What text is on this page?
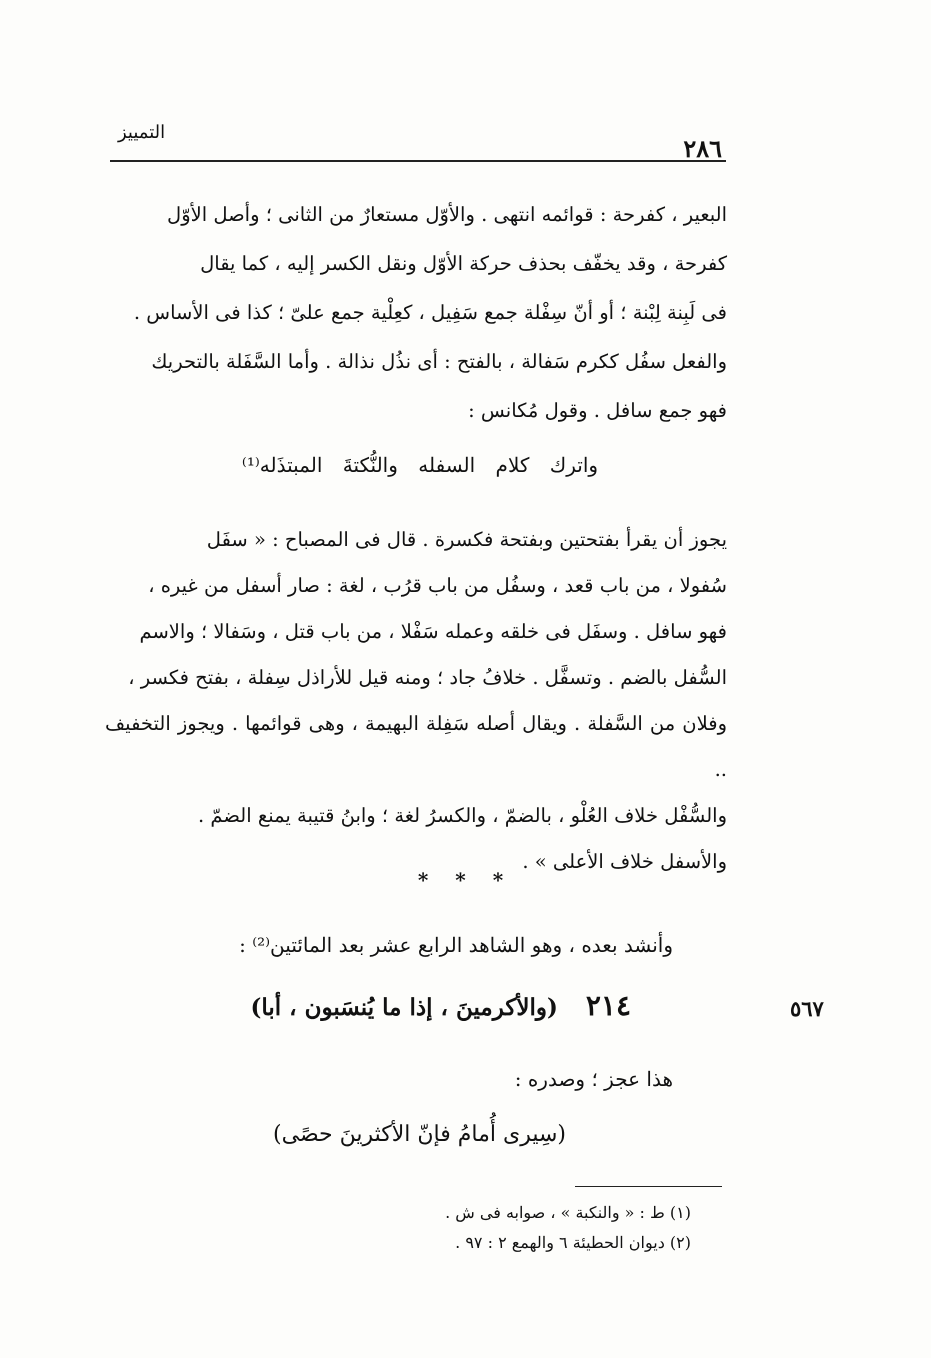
٢٨٦
التمييز

البعير ، كفرحة : قوائمه انتهى . والأوّل مستعارٌ من الثانى ؛ وأصل الأوّل

كفرحة ، وقد يخفّف بحذف حركة الأوّل ونقل الكسر إليه ، كما يقال

فى لَبِنة لِبْنة ؛ أو أنّ سِفْلة جمع سَفِيل ، كعِلْية جمع علىّ ؛ كذا فى الأساس .

والفعل سفُل ككرم سَفالة ، بالفتح : أى نذُل نذالة . وأما السَّفَلة بالتحريك

فهو جمع سافل . وقول مُكانس :

واترك كلام السفله والنُّكتةَ المبتذَله⁽¹⁾

يجوز أن يقرأ بفتحتين وبفتحة فكسرة . قال فى المصباح : « سفَل

سُفولا ، من باب قعد ، وسفُل من باب قرُب ، لغة : صار أسفل من غيره ،

فهو سافل . وسفَل فى خلقه وعمله سَفْلا ، من باب قتل ، وسَفالا ؛ والاسم

السُّفل بالضم . وتسفَّل . خلافُ جاد ؛ ومنه قيل للأراذل سِفلة ، بفتح فكسر ،

وفلان من السَّفلة . ويقال أصله سَفِلة البهيمة ، وهى قوائمها . ويجوز التخفيف ..

والسُّفْل خلاف العُلْو ، بالضمّ ، والكسرُ لغة ؛ وابنُ قتيبة يمنع الضمّ .

والأسفل خلاف الأعلى » .

* * *
وأنشد بعده ، وهو الشاهد الرابع عشر بعد المائتين⁽²⁾ :
٢١٤ (والأكرمينَ ، إذا ما يُنسَبون ، أبا)	٥٦٧
هذا عجز ؛ وصدره :
(سِيرى أُمامُ فإنّ الأكثرينَ حصًى)
(١) ط : « والنكبة » ، صوابه فى ش .
(٢) ديوان الحطيئة ٦ والهمع ٢ : ٩٧ .
